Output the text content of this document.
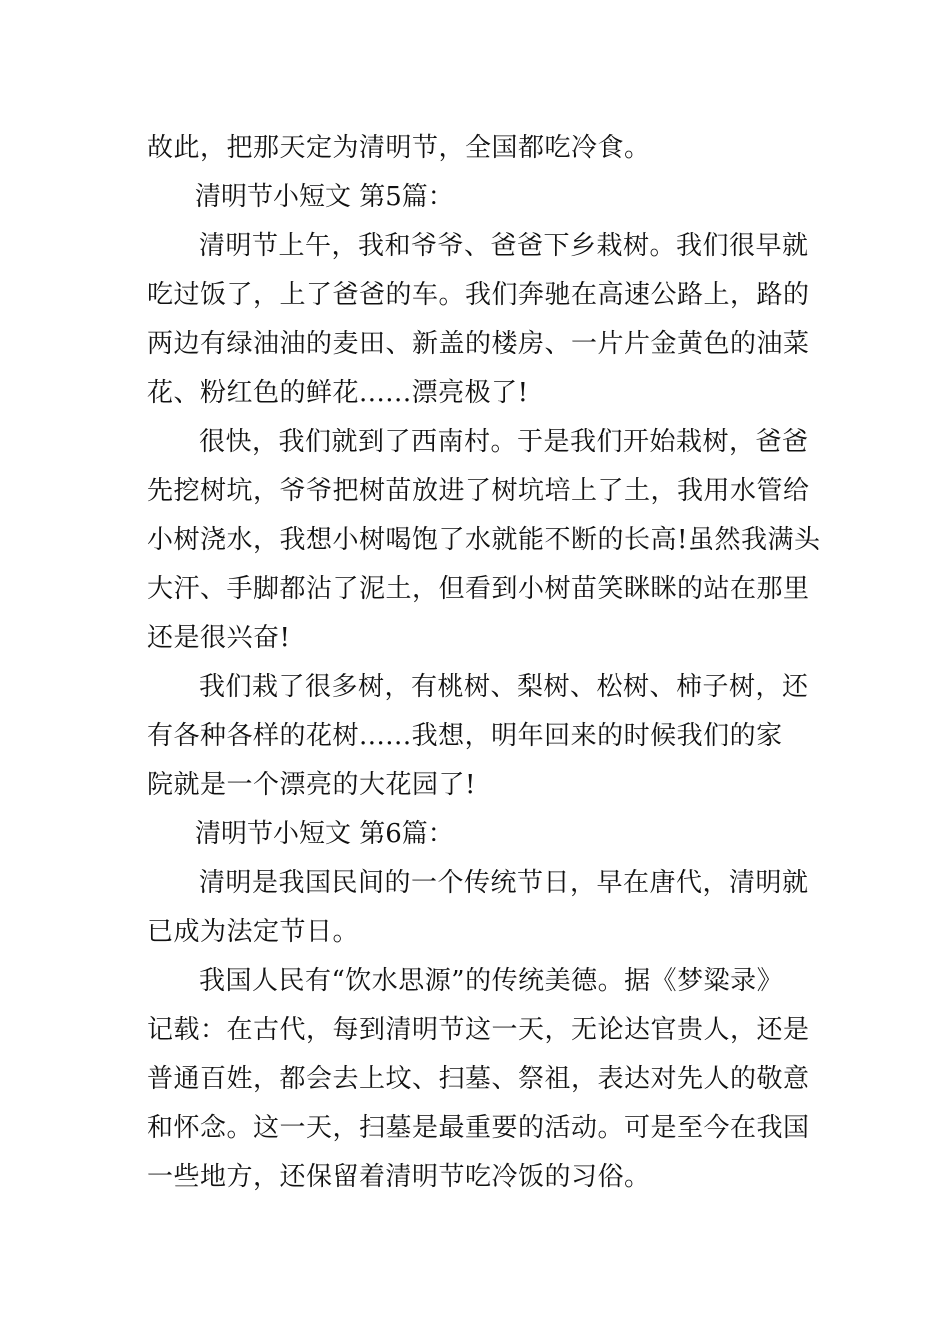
故此，把那天定为清明节，全国都吃冷食。
清明节小短文 第5篇：
清明节上午，我和爷爷、爸爸下乡栽树。我们很早就
吃过饭了，上了爸爸的车。我们奔驰在高速公路上，路的
两边有绿油油的麦田、新盖的楼房、一片片金黄色的油菜
花、粉红色的鲜花......漂亮极了!
很快，我们就到了西南村。于是我们开始栽树，爸爸
先挖树坑，爷爷把树苗放进了树坑培上了土，我用水管给
小树浇水，我想小树喝饱了水就能不断的长高!虽然我满头
大汗、手脚都沾了泥土，但看到小树苗笑眯眯的站在那里
还是很兴奋!
我们栽了很多树，有桃树、梨树、松树、柿子树，还
有各种各样的花树......我想，明年回来的时候我们的家
院就是一个漂亮的大花园了!
清明节小短文 第6篇：
清明是我国民间的一个传统节日，早在唐代，清明就
已成为法定节日。
我国人民有“饮水思源”的传统美德。据《梦粱录》
记载：在古代，每到清明节这一天，无论达官贵人，还是
普通百姓，都会去上坟、扫墓、祭祖，表达对先人的敬意
和怀念。这一天，扫墓是最重要的活动。可是至今在我国
一些地方，还保留着清明节吃冷饭的习俗。
